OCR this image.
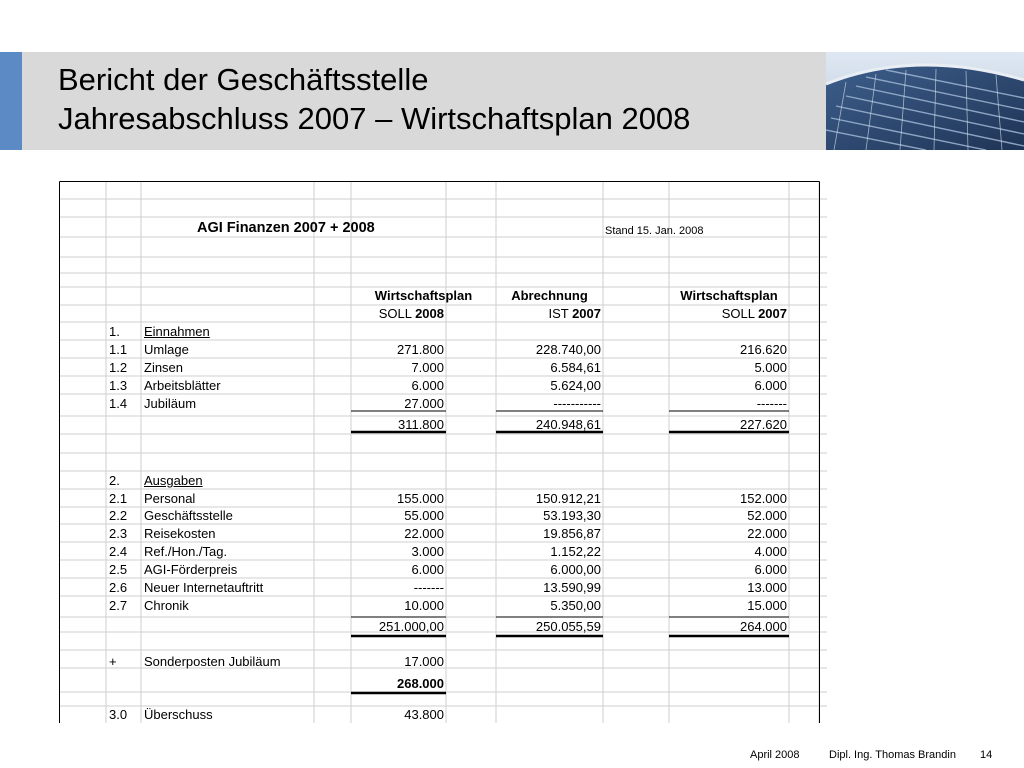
Bericht der Geschäftsstelle
Jahresabschluss 2007 – Wirtschaftsplan 2008
AGI Finanzen 2007 + 2008	Stand 15. Jan. 2008
Wirtschaftsplan	Abrechnung	Wirtschaftsplan
SOLL 2008	IST 2007	SOLL 2007
1. Einnahmen
1.1 Umlage	271.800	228.740,00	216.620
1.2 Zinsen	7.000	6.584,61	5.000
1.3 Arbeitsblätter	6.000	5.624,00	6.000
1.4 Jubiläum	27.000	-----------	-------
311.800	240.948,61	227.620
2. Ausgaben
2.1 Personal	155.000	150.912,21	152.000
2.2 Geschäftsstelle	55.000	53.193,30	52.000
2.3 Reisekosten	22.000	19.856,87	22.000
2.4 Ref./Hon./Tag.	3.000	1.152,22	4.000
2.5 AGI-Förderpreis	6.000	6.000,00	6.000
2.6 Neuer Internetauftritt	-------	13.590,99	13.000
2.7 Chronik	10.000	5.350,00	15.000
251.000,00	250.055,59	264.000
+ Sonderposten Jubiläum	17.000
268.000
3.0 Überschuss	43.800
April 2008	Dipl. Ing. Thomas Brandin 14
